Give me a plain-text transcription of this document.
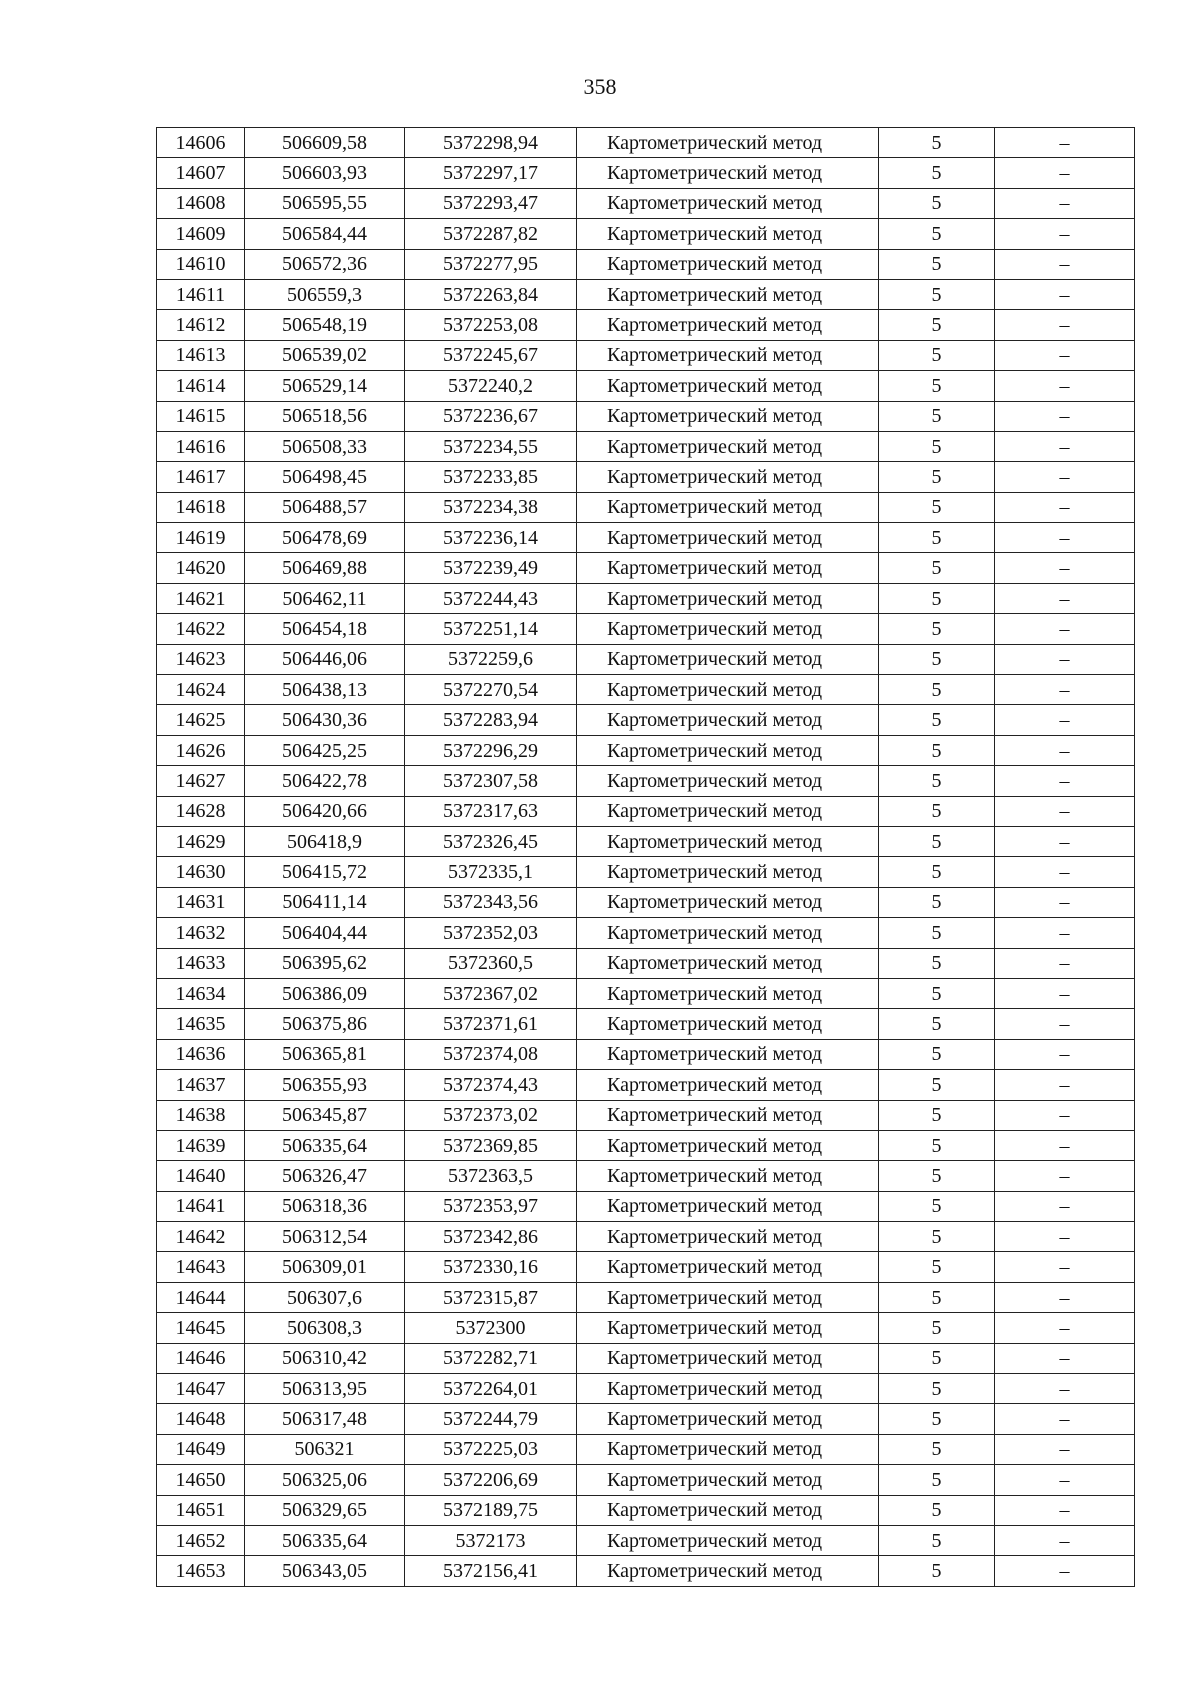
358
14606	506609,58	5372298,94	Картометрический метод	5	–
14607	506603,93	5372297,17	Картометрический метод	5	–
14608	506595,55	5372293,47	Картометрический метод	5	–
14609	506584,44	5372287,82	Картометрический метод	5	–
14610	506572,36	5372277,95	Картометрический метод	5	–
14611	506559,3	5372263,84	Картометрический метод	5	–
14612	506548,19	5372253,08	Картометрический метод	5	–
14613	506539,02	5372245,67	Картометрический метод	5	–
14614	506529,14	5372240,2	Картометрический метод	5	–
14615	506518,56	5372236,67	Картометрический метод	5	–
14616	506508,33	5372234,55	Картометрический метод	5	–
14617	506498,45	5372233,85	Картометрический метод	5	–
14618	506488,57	5372234,38	Картометрический метод	5	–
14619	506478,69	5372236,14	Картометрический метод	5	–
14620	506469,88	5372239,49	Картометрический метод	5	–
14621	506462,11	5372244,43	Картометрический метод	5	–
14622	506454,18	5372251,14	Картометрический метод	5	–
14623	506446,06	5372259,6	Картометрический метод	5	–
14624	506438,13	5372270,54	Картометрический метод	5	–
14625	506430,36	5372283,94	Картометрический метод	5	–
14626	506425,25	5372296,29	Картометрический метод	5	–
14627	506422,78	5372307,58	Картометрический метод	5	–
14628	506420,66	5372317,63	Картометрический метод	5	–
14629	506418,9	5372326,45	Картометрический метод	5	–
14630	506415,72	5372335,1	Картометрический метод	5	–
14631	506411,14	5372343,56	Картометрический метод	5	–
14632	506404,44	5372352,03	Картометрический метод	5	–
14633	506395,62	5372360,5	Картометрический метод	5	–
14634	506386,09	5372367,02	Картометрический метод	5	–
14635	506375,86	5372371,61	Картометрический метод	5	–
14636	506365,81	5372374,08	Картометрический метод	5	–
14637	506355,93	5372374,43	Картометрический метод	5	–
14638	506345,87	5372373,02	Картометрический метод	5	–
14639	506335,64	5372369,85	Картометрический метод	5	–
14640	506326,47	5372363,5	Картометрический метод	5	–
14641	506318,36	5372353,97	Картометрический метод	5	–
14642	506312,54	5372342,86	Картометрический метод	5	–
14643	506309,01	5372330,16	Картометрический метод	5	–
14644	506307,6	5372315,87	Картометрический метод	5	–
14645	506308,3	5372300	Картометрический метод	5	–
14646	506310,42	5372282,71	Картометрический метод	5	–
14647	506313,95	5372264,01	Картометрический метод	5	–
14648	506317,48	5372244,79	Картометрический метод	5	–
14649	506321	5372225,03	Картометрический метод	5	–
14650	506325,06	5372206,69	Картометрический метод	5	–
14651	506329,65	5372189,75	Картометрический метод	5	–
14652	506335,64	5372173	Картометрический метод	5	–
14653	506343,05	5372156,41	Картометрический метод	5	–
